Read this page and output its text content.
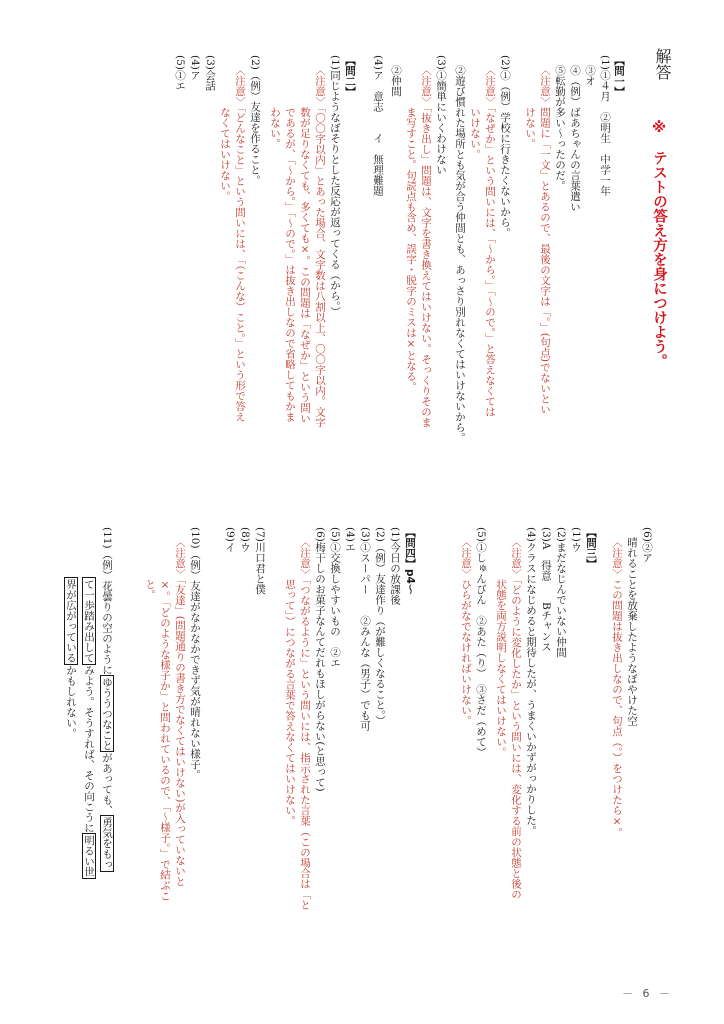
解答
※　テストの答え方を身につけよう。
【問一】
(1)①４月　②明生　中学一年
③オ
④（例）ばあちゃんの言葉遣い
⑤転勤が多い～ったのだ。
〈注意〉問題に「一文」とあるので、最後の文字は「。」(句点)でないとい
　　　　けない。
(2)①（例）学校に行きたくないから。
〈注意〉「なぜか」という問いには、「～から。」「～ので。」と答えなくては
　　　　いけない。
②遊び慣れた場所とも気が合う仲間とも、あっさり別れなくてはいけないから。
(3)①簡単にいくわけない
〈注意〉「抜き出し」問題は、文字を書き換えてはいけない。そっくりそのま
　　　　ま写すこと。句読点も含め、誤字・脱字のミスは×となる。
②仲間
(4)ア　意志　　イ　無理難題
【問二】
(1)同じようなぼそりとした反応が返ってくる（から。）
〈注意〉「〇〇字以内」とあった場合、文字数は八割以上、〇〇字以内。文字
　　　　数が足りなくても、多くても×。この問題は「なぜか」という問い
　　　　であるが、「～から。」「～ので。」は抜き出しなので省略してもかま
　　　　わない。
(2)（例）友達を作ること。
〈注意〉「どんなこと」という問いには、「（こんな）こと。」という形で答え
　　　　なくてはいけない。
(3)会話
(4)ア
(5)①エ
(6)②ア
晴れることを放棄したようなぼやけた空
〈注意〉この問題は抜き出しなので、句点（。）をつけたら×。
【問三】
(1)ウ
(2)まだなじんでいない仲間
(3)A　得意　　Bチャンス
(4)クラスになじめると期待したが、うまくいかずがっかりした。
〈注意〉「どのように変化したか」という問いには、変化する前の状態と後の
　　　　状態を両方説明しなくてはいけない。
(5)①しゅんびん　②あた（り）　③さだ（めて）
〈注意〉ひらがなでなければいけない。
【問四】p4～
(1)今日の放課後
(2)（例）友達作り（が難しくなること。）
(3)①スーパー　　②みんな（男子）でも可
(4)エ
(5)①交換しやすいもの　②エ
(6)梅干しのお菓子なんてだれもほしがらない(と思って)
〈注意〉「つながるように」という問いには、指示された言葉（この場合は「と
　　　　思って」）につながる言葉で答えなくてはいけない。
(7)川口君と僕
(8)ウ
(9)イ
(10)（例）友達がなかなかできず気が晴れない様子。
〈注意〉「友達」(問題通りの書き方でなくてはいけない)が入っていないと
　　　　×。「どのような様子か」と問われているので、「～様子。」で結ぶこ
　　　　と。
(11)（例）花曇りの空のようにゆううつなことがあっても、勇気をもっ
て一歩踏み出してみよう。そうすれば、その向こうに明るい世
界が広がっているかもしれない。
－ 6 －
